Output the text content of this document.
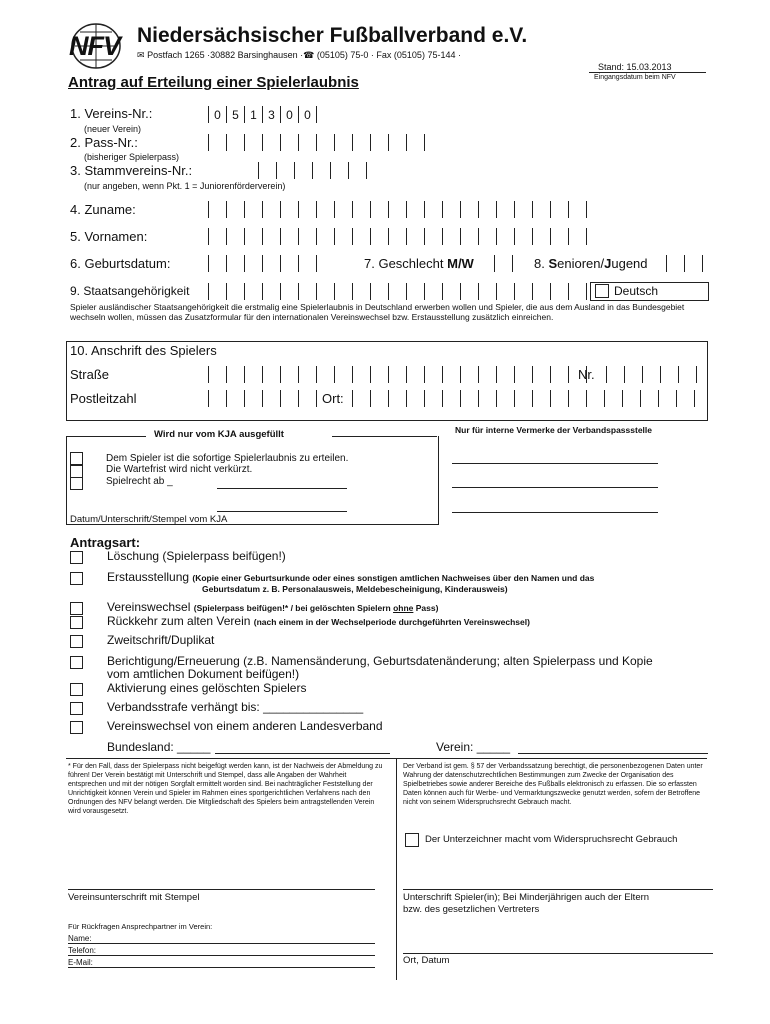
NFV Niedersächsischer Fußballverband e.V.
✉ Postfach 1265 ·30882 Barsinghausen ·☎ (05105) 75-0 · Fax (05105) 75-144 ·
Stand: 15.03.2013
Eingangsdatum beim NFV
Antrag auf Erteilung einer Spielerlaubnis
1. Vereins-Nr.:	0 5 1 3 0 0
(neuer Verein)
2. Pass-Nr.:
(bisheriger Spielerpass)
3. Stammvereins-Nr.:
(nur angeben, wenn Pkt. 1 = Juniorenförderverein)
4. Zuname:
5. Vornamen:
6. Geburtsdatum:	7. Geschlecht M/W	8. Senioren/Jugend
9. Staatsangehörigkeit	Deutsch
Spieler ausländischer Staatsangehörigkeit die erstmalig eine Spielerlaubnis in Deutschland erwerben wollen und Spieler, die aus dem Ausland in das Bundesgebiet wechseln wollen, müssen das Zusatzformular für den internationalen Vereinswechsel bzw. Erstausstellung zusätzlich einreichen.
10. Anschrift des Spielers
Straße	Nr.
Postleitzahl	Ort:
Wird nur vom KJA ausgefüllt
Dem Spieler ist die sofortige Spielerlaubnis zu erteilen.
Die Wartefrist wird nicht verkürzt.
Spielrecht ab _
Datum/Unterschrift/Stempel vom KJA
Nur für interne Vermerke der Verbandspassstelle
Antragsart:
Löschung (Spielerpass beifügen!)
Erstausstellung (Kopie einer Geburtsurkunde oder eines sonstigen amtlichen Nachweises über den Namen und das
Geburtsdatum z. B. Personalausweis, Meldebescheinigung, Kinderausweis)
Vereinswechsel (Spielerpass beifügen!* / bei gelöschten Spielern ohne Pass)
Rückkehr zum alten Verein (nach einem in der Wechselperiode durchgeführten Vereinswechsel)
Zweitschrift/Duplikat
Berichtigung/Erneuerung (z.B. Namensänderung, Geburtsdatenänderung; alten Spielerpass und Kopie
vom amtlichen Dokument beifügen!)
Aktivierung eines gelöschten Spielers
Verbandsstrafe verhängt bis: _______________
Vereinswechsel von einem anderen Landesverband
Bundesland: _____	Verein: _____
* Für den Fall, dass der Spielerpass nicht beigefügt werden kann, ist der Nachweis der Abmeldung zu führen! Der Verein bestätigt mit Unterschrift und Stempel, dass alle Angaben der Wahrheit entsprechen und mit der nötigen Sorgfalt ermittelt worden sind. Bei nachträglicher Feststellung der Unrichtigkeit können Verein und Spieler im Rahmen eines sportgerichtlichen Verfahrens nach den Ordnungen des NFV belangt werden. Die Mitgliedschaft des Spielers beim antragstellenden Verein wird vorausgesetzt.
Der Verband ist gem. § 57 der Verbandssatzung berechtigt, die personenbezogenen Daten unter Wahrung der datenschutzrechtlichen Bestimmungen zum Zwecke der Organisation des Spielbetriebes sowie anderer Bereiche des Fußballs elektronisch zu erfassen. Die so erfassten Daten können auch für Werbe- und Vermarktungszwecke genutzt werden, sofern der Betroffene nicht von seinem Widerspruchsrecht Gebrauch macht.
Der Unterzeichner macht vom Widerspruchsrecht Gebrauch
Vereinsunterschrift mit Stempel	Unterschrift Spieler(in); Bei Minderjährigen auch der Eltern
bzw. des gesetzlichen Vertreters
Für Rückfragen Ansprechpartner im Verein:
Name:
Telefon:
E-Mail:	Ort, Datum
